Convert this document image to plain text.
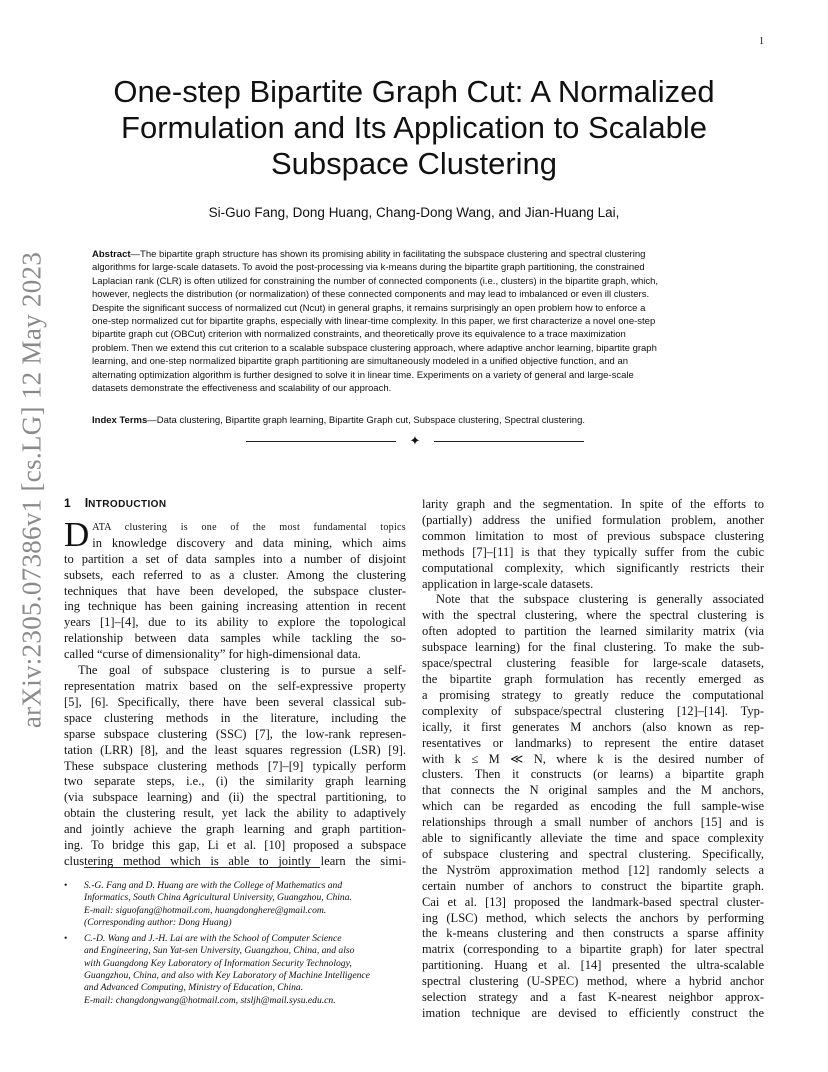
1
arXiv:2305.07386v1 [cs.LG] 12 May 2023
One-step Bipartite Graph Cut: A Normalized
Formulation and Its Application to Scalable
Subspace Clustering
Si-Guo Fang, Dong Huang, Chang-Dong Wang, and Jian-Huang Lai,
Abstract—The bipartite graph structure has shown its promising ability in facilitating the subspace clustering and spectral clustering
algorithms for large-scale datasets. To avoid the post-processing via k-means during the bipartite graph partitioning, the constrained
Laplacian rank (CLR) is often utilized for constraining the number of connected components (i.e., clusters) in the bipartite graph, which,
however, neglects the distribution (or normalization) of these connected components and may lead to imbalanced or even ill clusters.
Despite the significant success of normalized cut (Ncut) in general graphs, it remains surprisingly an open problem how to enforce a
one-step normalized cut for bipartite graphs, especially with linear-time complexity. In this paper, we first characterize a novel one-step
bipartite graph cut (OBCut) criterion with normalized constraints, and theoretically prove its equivalence to a trace maximization
problem. Then we extend this cut criterion to a scalable subspace clustering approach, where adaptive anchor learning, bipartite graph
learning, and one-step normalized bipartite graph partitioning are simultaneously modeled in a unified objective function, and an
alternating optimization algorithm is further designed to solve it in linear time. Experiments on a variety of general and large-scale
datasets demonstrate the effectiveness and scalability of our approach.
Index Terms—Data clustering, Bipartite graph learning, Bipartite Graph cut, Subspace clustering, Spectral clustering.
✦
1 INTRODUCTION
D ATA clustering is one of the most fundamental topics
in knowledge discovery and data mining, which aims
to partition a set of data samples into a number of disjoint
subsets, each referred to as a cluster. Among the clustering
techniques that have been developed, the subspace cluster-
ing technique has been gaining increasing attention in recent
years [1]–[4], due to its ability to explore the topological
relationship between data samples while tackling the so-
called “curse of dimensionality” for high-dimensional data.
The goal of subspace clustering is to pursue a self-
representation matrix based on the self-expressive property
[5], [6]. Specifically, there have been several classical sub-
space clustering methods in the literature, including the
sparse subspace clustering (SSC) [7], the low-rank represen-
tation (LRR) [8], and the least squares regression (LSR) [9].
These subspace clustering methods [7]–[9] typically perform
two separate steps, i.e., (i) the similarity graph learning
(via subspace learning) and (ii) the spectral partitioning, to
obtain the clustering result, yet lack the ability to adaptively
and jointly achieve the graph learning and graph partition-
ing. To bridge this gap, Li et al. [10] proposed a subspace
clustering method which is able to jointly learn the simi-
• S.-G. Fang and D. Huang are with the College of Mathematics and
Informatics, South China Agricultural University, Guangzhou, China.
E-mail: siguofang@hotmail.com, huangdonghere@gmail.com.
(Corresponding author: Dong Huang)
• C.-D. Wang and J.-H. Lai are with the School of Computer Science
and Engineering, Sun Yat-sen University, Guangzhou, China, and also
with Guangdong Key Laboratory of Information Security Technology,
Guangzhou, China, and also with Key Laboratory of Machine Intelligence
and Advanced Computing, Ministry of Education, China.
E-mail: changdongwang@hotmail.com, stsljh@mail.sysu.edu.cn.
larity graph and the segmentation. In spite of the efforts to
(partially) address the unified formulation problem, another
common limitation to most of previous subspace clustering
methods [7]–[11] is that they typically suffer from the cubic
computational complexity, which significantly restricts their
application in large-scale datasets.
Note that the subspace clustering is generally associated
with the spectral clustering, where the spectral clustering is
often adopted to partition the learned similarity matrix (via
subspace learning) for the final clustering. To make the sub-
space/spectral clustering feasible for large-scale datasets,
the bipartite graph formulation has recently emerged as
a promising strategy to greatly reduce the computational
complexity of subspace/spectral clustering [12]–[14]. Typ-
ically, it first generates M anchors (also known as rep-
resentatives or landmarks) to represent the entire dataset
with k ≤ M ≪ N, where k is the desired number of
clusters. Then it constructs (or learns) a bipartite graph
that connects the N original samples and the M anchors,
which can be regarded as encoding the full sample-wise
relationships through a small number of anchors [15] and is
able to significantly alleviate the time and space complexity
of subspace clustering and spectral clustering. Specifically,
the Nyström approximation method [12] randomly selects a
certain number of anchors to construct the bipartite graph.
Cai et al. [13] proposed the landmark-based spectral cluster-
ing (LSC) method, which selects the anchors by performing
the k-means clustering and then constructs a sparse affinity
matrix (corresponding to a bipartite graph) for later spectral
partitioning. Huang et al. [14] presented the ultra-scalable
spectral clustering (U-SPEC) method, where a hybrid anchor
selection strategy and a fast K-nearest neighbor approx-
imation technique are devised to efficiently construct the
